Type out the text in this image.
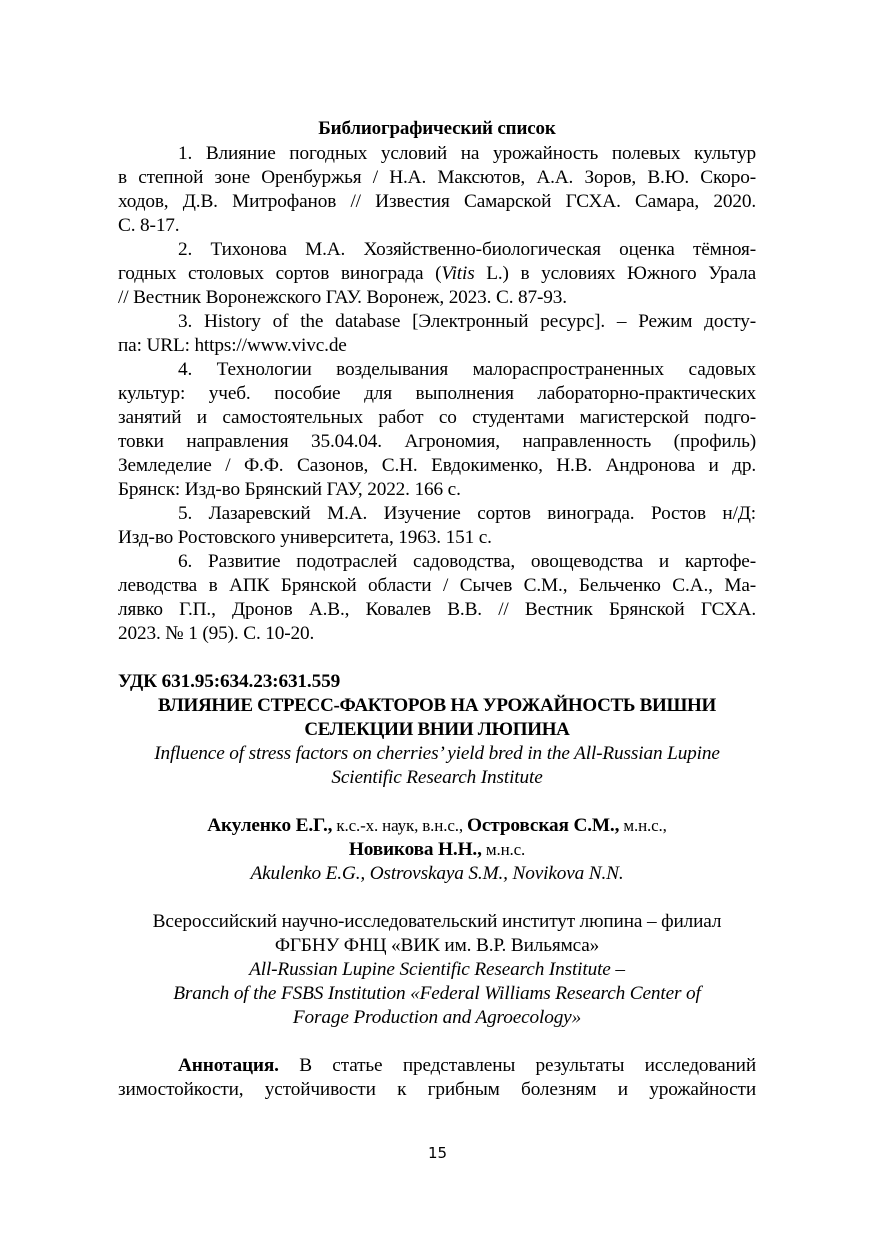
Библиографический список
1. Влияние погодных условий на урожайность полевых культур
в степной зоне Оренбуржья / Н.А. Максютов, А.А. Зоров, В.Ю. Скоро-
ходов, Д.В. Митрофанов // Известия Самарской ГСХА. Самара, 2020.
С. 8-17.
2. Тихонова М.А. Хозяйственно-биологическая оценка тёмноя-
годных столовых сортов винограда (Vitis L.) в условиях Южного Урала
// Вестник Воронежского ГАУ. Воронеж, 2023. С. 87-93.
3. History of the database [Электронный ресурс]. – Режим досту-
па: URL: https://www.vivc.de
4. Технологии возделывания малораспространенных садовых
культур: учеб. пособие для выполнения лабораторно-практических
занятий и самостоятельных работ со студентами магистерской подго-
товки направления 35.04.04. Агрономия, направленность (профиль)
Земледелие / Ф.Ф. Сазонов, С.Н. Евдокименко, Н.В. Андронова и др.
Брянск: Изд-во Брянский ГАУ, 2022. 166 с.
5. Лазаревский М.А. Изучение сортов винограда. Ростов н/Д:
Изд-во Ростовского университета, 1963. 151 с.
6. Развитие подотраслей садоводства, овощеводства и картофе-
леводства в АПК Брянской области / Сычев С.М., Бельченко С.А., Ма-
лявко Г.П., Дронов А.В., Ковалев В.В. // Вестник Брянской ГСХА.
2023. № 1 (95). С. 10-20.
УДК 631.95:634.23:631.559
ВЛИЯНИЕ СТРЕСС-ФАКТОРОВ НА УРОЖАЙНОСТЬ ВИШНИ
СЕЛЕКЦИИ ВНИИ ЛЮПИНА
Influence of stress factors on cherries’ yield bred in the All-Russian Lupine
Scientific Research Institute
Акуленко Е.Г., к.с.-х. наук, в.н.с., Островская С.М., м.н.с.,
Новикова Н.Н., м.н.с.
Akulenko E.G., Ostrovskaya S.M., Novikova N.N.
Всероссийский научно-исследовательский институт люпина – филиал
ФГБНУ ФНЦ «ВИК им. В.Р. Вильямса»
All-Russian Lupine Scientific Research Institute –
Branch of the FSBS Institution «Federal Williams Research Center of
Forage Production and Agroecology»
Аннотация. В статье представлены результаты исследований
зимостойкости, устойчивости к грибным болезням и урожайности
15
